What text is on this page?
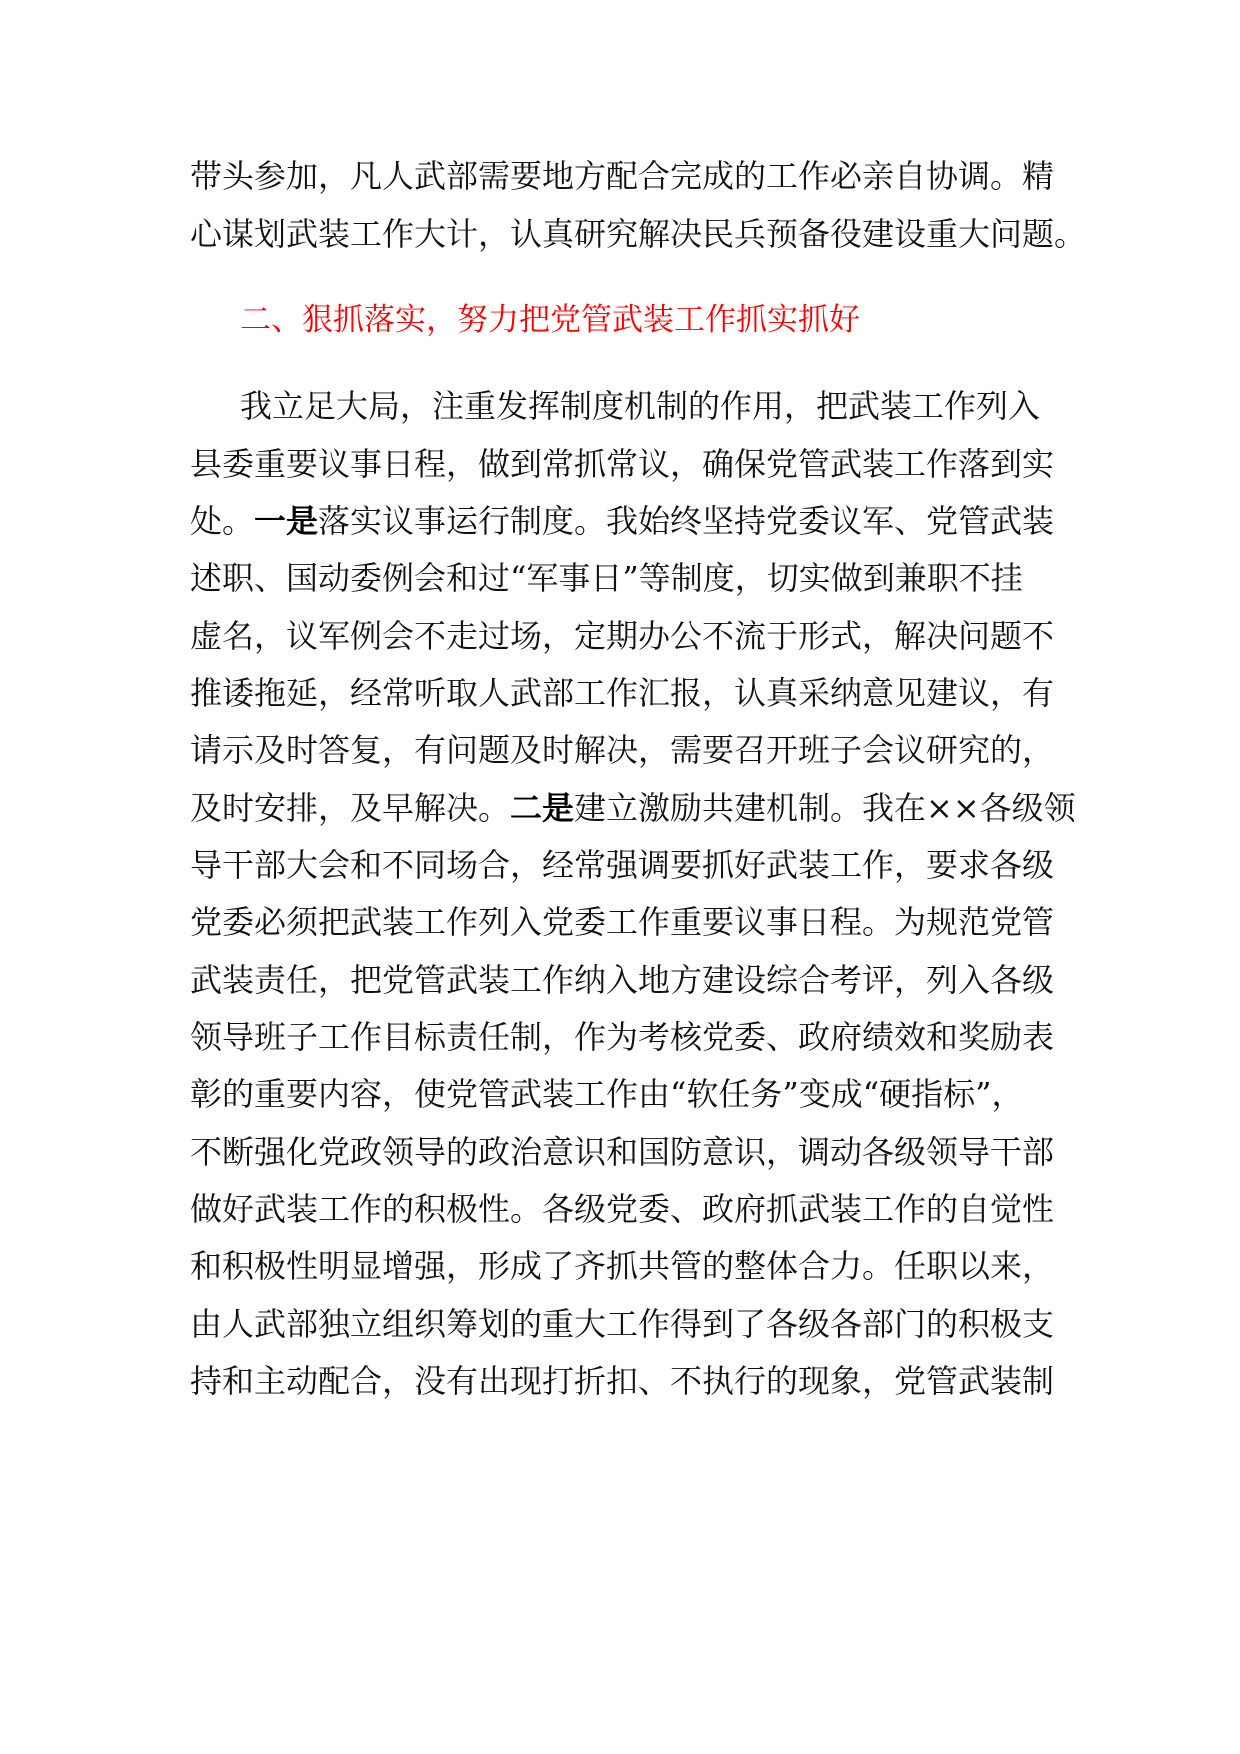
带头参加，凡人武部需要地方配合完成的工作必亲自协调。精
心谋划武装工作大计，认真研究解决民兵预备役建设重大问题。
二、狠抓落实，努力把党管武装工作抓实抓好
我立足大局，注重发挥制度机制的作用，把武装工作列入
县委重要议事日程，做到常抓常议，确保党管武装工作落到实
处。一是落实议事运行制度。我始终坚持党委议军、党管武装
述职、国动委例会和过“军事日”等制度，切实做到兼职不挂
虚名，议军例会不走过场，定期办公不流于形式，解决问题不
推诿拖延，经常听取人武部工作汇报，认真采纳意见建议，有
请示及时答复，有问题及时解决，需要召开班子会议研究的，
及时安排，及早解决。二是建立激励共建机制。我在××各级领
导干部大会和不同场合，经常强调要抓好武装工作，要求各级
党委必须把武装工作列入党委工作重要议事日程。为规范党管
武装责任，把党管武装工作纳入地方建设综合考评，列入各级
领导班子工作目标责任制，作为考核党委、政府绩效和奖励表
彰的重要内容，使党管武装工作由“软任务”变成“硬指标”，
不断强化党政领导的政治意识和国防意识，调动各级领导干部
做好武装工作的积极性。各级党委、政府抓武装工作的自觉性
和积极性明显增强，形成了齐抓共管的整体合力。任职以来，
由人武部独立组织筹划的重大工作得到了各级各部门的积极支
持和主动配合，没有出现打折扣、不执行的现象，党管武装制
